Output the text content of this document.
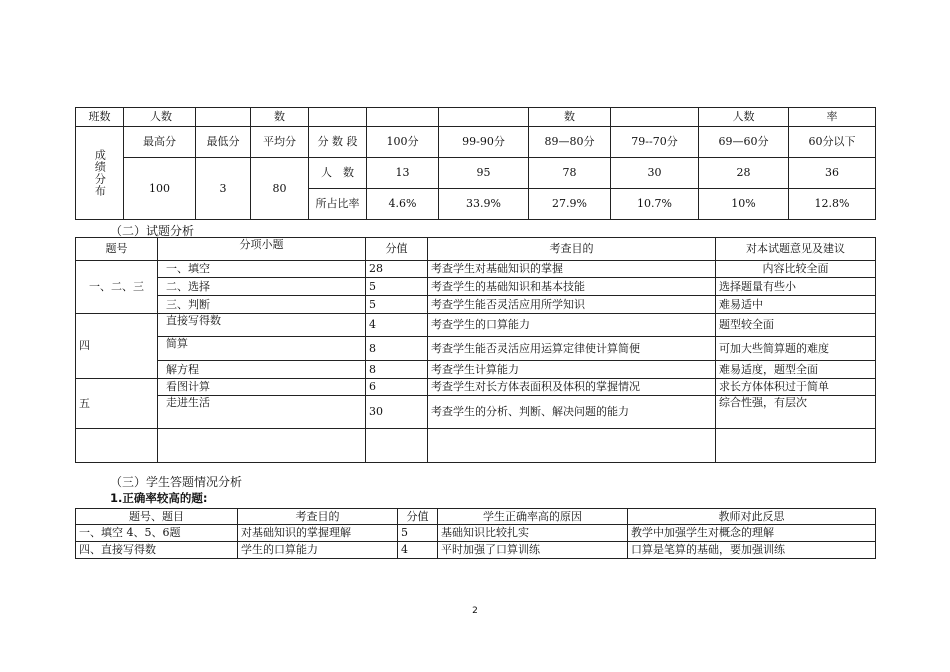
班数	人数		数				数		人数	率

成绩分布	最高分	最低分	平均分	分 数 段	100分	99-90分	89—80分	79--70分	69—60分	60分以下
	100	3	80	人　数	13	95	78	30	28	36
				所占比率	4.6%	33.9%	27.9%	10.7%	10%	12.8%
（二）试题分析
题号	分项小题	分值	考查目的	对本试题意见及建议
一、二、三	一、填空	28	考查学生对基础知识的掌握	内容比较全面
	二、选择	5	考查学生的基础知识和基本技能	选择题量有些小
	三、判断	5	考查学生能否灵活应用所学知识	难易适中
四	直接写得数	4	考查学生的口算能力	题型较全面
	简算	8	考查学生能否灵活应用运算定律使计算简便	可加大些简算题的难度
	解方程	8	考查学生计算能力	难易适度，题型全面
五	看图计算	6	考查学生对长方体表面积及体积的掌握情况	求长方体体积过于简单
	走进生活	30	考查学生的分析、判断、解决问题的能力	综合性强，有层次

（三）学生答题情况分析
1.正确率较高的题:
题号、题目	考查目的	分值	学生正确率高的原因	教师对此反思
一、填空 4、5、6题	对基础知识的掌握理解	5	基础知识比较扎实	教学中加强学生对概念的理解
四、直接写得数	学生的口算能力	4	平时加强了口算训练	口算是笔算的基础，要加强训练
2
